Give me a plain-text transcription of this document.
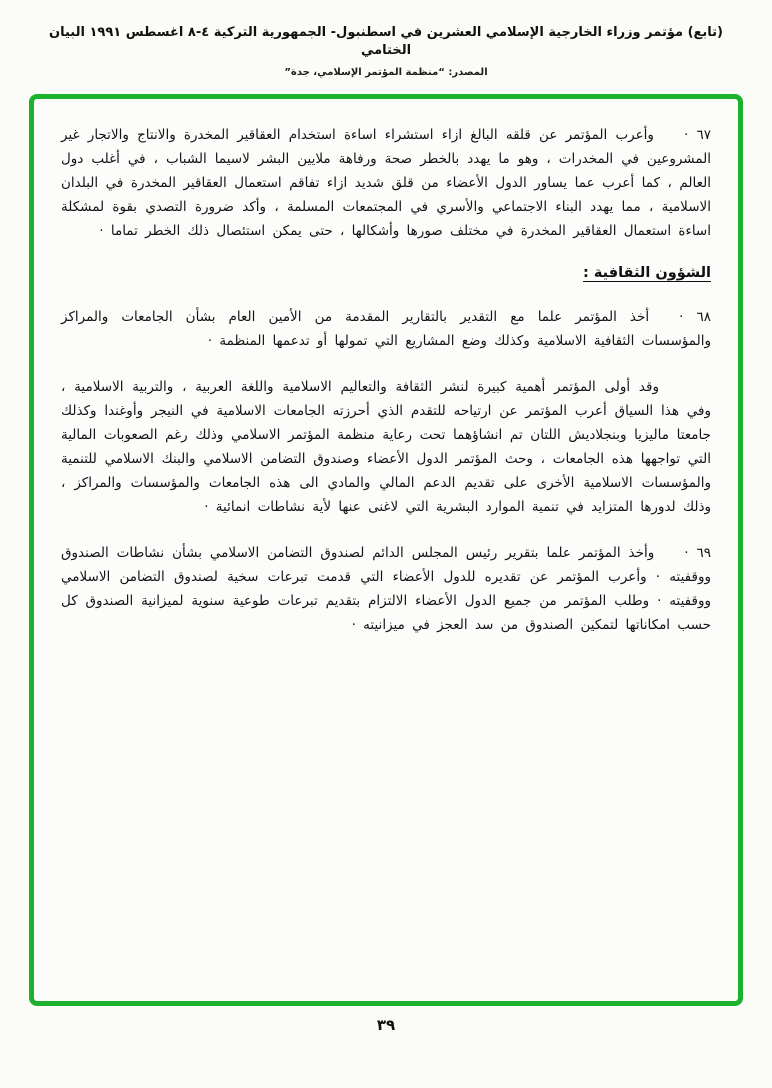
(تابع) مؤتمر وزراء الخارجية الإسلامي العشرين في اسطنبول- الجمهورية التركية ٤-٨ اغسطس ١٩٩١ البيان الختامي
المصدر: “منظمة المؤتمر الإسلامي، جدة”

٦٧ ·وأعرب المؤتمر عن قلقه البالغ ازاء استشراء اساءة استخدام العقاقير المخدرة والانتاج والاتجار غير المشروعين في المخدرات ، وهو ما يهدد بالخطر صحة ورفاهة ملايين البشر لاسيما الشباب ، في أغلب دول العالم ، كما أعرب عما يساور الدول الأعضاء من قلق شديد ازاء تفاقم استعمال العقاقير المخدرة في البلدان الاسلامية ، مما يهدد البناء الاجتماعي والأسري في المجتمعات المسلمة ، وأكد ضرورة التصدي بقوة لمشكلة اساءة استعمال العقاقير المخدرة في مختلف صورها وأشكالها ، حتى يمكن استئصال ذلك الخطر تماما ·

الشؤون الثقافية :

٦٨ ·أخذ المؤتمر علما مع التقدير بالتقارير المقدمة من الأمين العام بشأن الجامعات والمراكز والمؤسسات الثقافية الاسلامية وكذلك وضع المشاريع التي تمولها أو تدعمها المنظمة ·

وقد أولى المؤتمر أهمية كبيرة لنشر الثقافة والتعاليم الاسلامية واللغة العربية ، والتربية الاسلامية ، وفي هذا السياق أعرب المؤتمر عن ارتياحه للتقدم الذي أحرزته الجامعات الاسلامية في النيجر وأوغندا وكذلك جامعتا ماليزيا وبنجلاديش اللتان تم انشاؤهما تحت رعاية منظمة المؤتمر الاسلامي وذلك رغم الصعوبات المالية التي تواجهها هذه الجامعات ، وحث المؤتمر الدول الأعضاء وصندوق التضامن الاسلامي والبنك الاسلامي للتنمية والمؤسسات الاسلامية الأخرى على تقديم الدعم المالي والمادي الى هذه الجامعات والمؤسسات والمراكز ، وذلك لدورها المتزايد في تنمية الموارد البشرية التي لاغنى عنها لأية نشاطات انمائية ·

٦٩ ·وأخذ المؤتمر علما بتقرير رئيس المجلس الدائم لصندوق التضامن الاسلامي بشأن نشاطات الصندوق ووقفيته · وأعرب المؤتمر عن تقديره للدول الأعضاء التي قدمت تبرعات سخية لصندوق التضامن الاسلامي ووقفيته · وطلب المؤتمر من جميع الدول الأعضاء الالتزام بتقديم تبرعات طوعية سنوية لميزانية الصندوق كل حسب امكاناتها لتمكين الصندوق من سد العجز في ميزانيته ·

٣٩
